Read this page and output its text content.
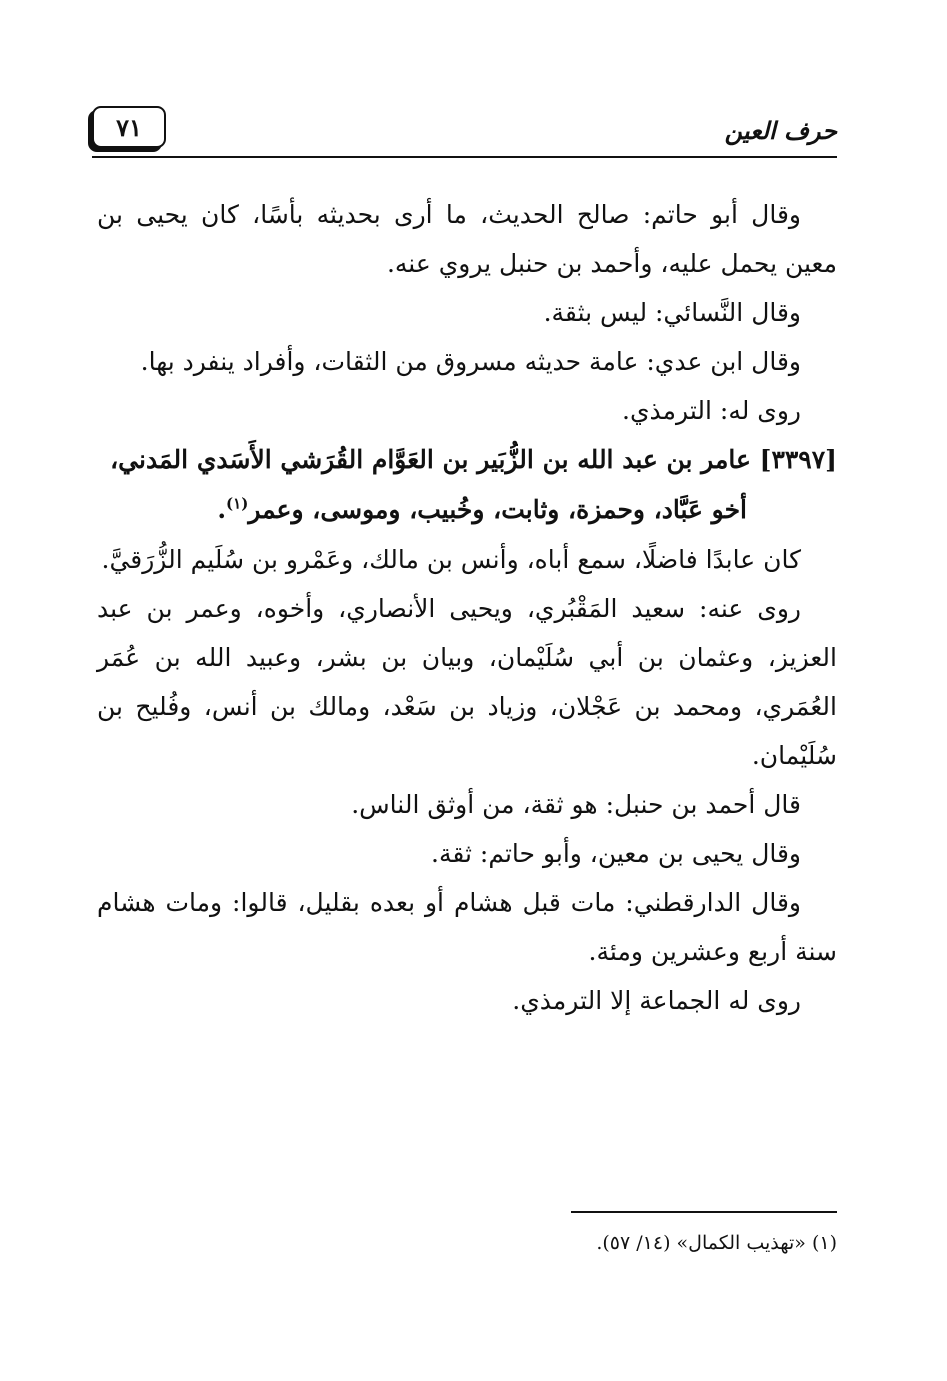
٧١	حرف العين

وقال أبو حاتم: صالح الحديث، ما أرى بحديثه بأسًا، كان يحيى بن معين يحمل عليه، وأحمد بن حنبل يروي عنه.

وقال النَّسائي: ليس بثقة.

وقال ابن عدي: عامة حديثه مسروق من الثقات، وأفراد ينفرد بها.

روى له: الترمذي.

[٣٣٩٧] عامر بن عبد الله بن الزُّبَير بن العَوَّام القُرَشي الأَسَدي المَدني،
أخو عَبَّاد، وحمزة، وثابت، وخُبيب، وموسى، وعمر$^{(١)}$.

كان عابدًا فاضلًا، سمع أباه، وأنس بن مالك، وعَمْرو بن سُلَيم الزُّرَقيَّ.

روى عنه: سعيد المَقْبُري، ويحيى الأنصاري، وأخوه، وعمر بن عبد العزيز، وعثمان بن أبي سُلَيْمان، وبيان بن بشر، وعبيد الله بن عُمَر العُمَري، ومحمد بن عَجْلان، وزياد بن سَعْد، ومالك بن أنس، وفُليح بن سُلَيْمان.

قال أحمد بن حنبل: هو ثقة، من أوثق الناس.

وقال يحيى بن معين، وأبو حاتم: ثقة.

وقال الدارقطني: مات قبل هشام أو بعده بقليل، قالوا: ومات هشام سنة أربع وعشرين ومئة.

روى له الجماعة إلا الترمذي.

(١) «تهذيب الكمال» (١٤/ ٥٧).
